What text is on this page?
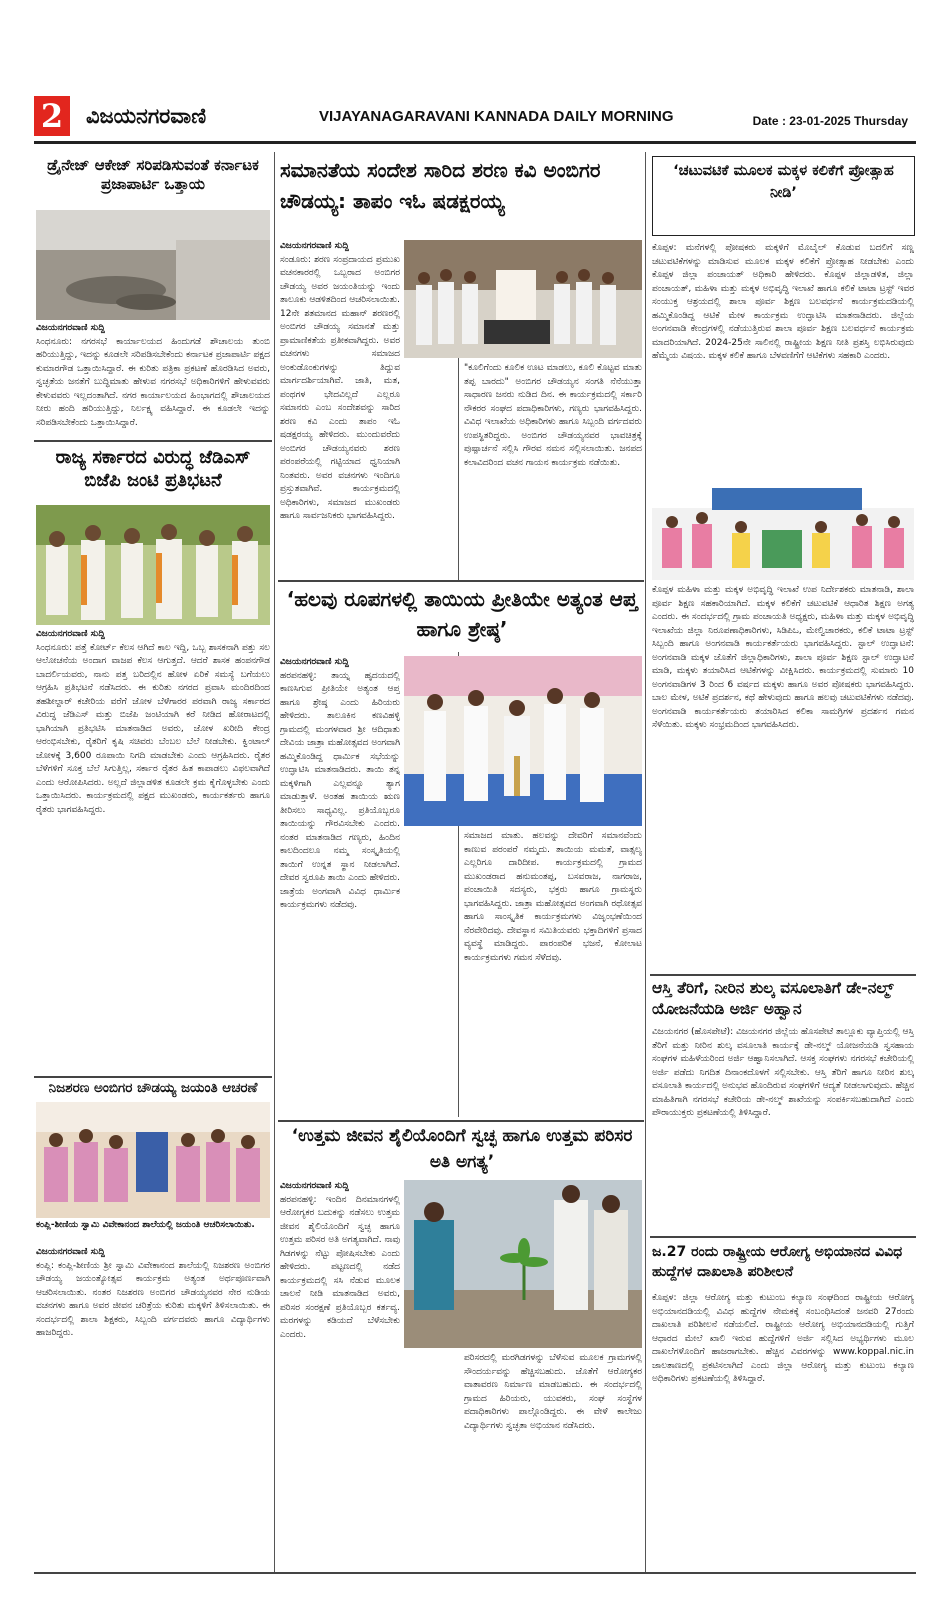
2	ವಿಜಯನಗರವಾಣಿ	VIJAYANAGARAVANI KANNADA DAILY MORNING	Date : 23-01-2025 Thursday
ಡ್ರೈನೇಜ್ ಆಕೇಜ್ ಸರಿಪಡಿಸುವಂತೆ ಕರ್ನಾಟಕ ಪ್ರಜಾಪಾರ್ಟಿ ಒತ್ತಾಯ
ವಿಜಯನಗರವಾಣಿ ಸುದ್ದಿ
ಸಿಂಧನೂರು: ನಗರಸಭೆ ಕಾರ್ಯಾಲಯದ ಹಿಂದುಗಡೆ ಶೌಚಾಲಯ ತುಂಬಿ ಹರಿಯುತ್ತಿದ್ದು, ಇದನ್ನು ಕೂಡಲೇ ಸರಿಪಡಿಸಬೇಕೆಂದು ಕರ್ನಾಟಕ ಪ್ರಜಾಪಾರ್ಟಿ ಪಕ್ಷದ ಕುಮಾರಗೌಡ ಒತ್ತಾಯಿಸಿದ್ದಾರೆ. ಈ ಕುರಿತು ಪತ್ರಿಕಾ ಪ್ರಕಟಣೆ ಹೊರಡಿಸಿದ ಅವರು, ಸ್ವಚ್ಛತೆಯ ಜನತೆಗೆ ಬುದ್ಧಿಮಾತು ಹೇಳುವ ನಗರಸಭೆ ಅಧಿಕಾರಿಗಳಿಗೆ ಹೇಳುವವರು ಕೇಳುವವರು ಇಲ್ಲದಂತಾಗಿದೆ. ನಗರ ಕಾರ್ಯಾಲಯದ ಹಿಂಭಾಗದಲ್ಲಿ ಶೌಚಾಲಯದ ನೀರು ಹಂದಿ ಹರಿಯುತ್ತಿದ್ದು, ನಿರ್ಲಕ್ಷ್ಯ ವಹಿಸಿದ್ದಾರೆ. ಈ ಕೂಡಲೇ ಇದನ್ನು ಸರಿಪಡಿಸಬೇಕೆಂದು ಒತ್ತಾಯಿಸಿದ್ದಾರೆ.
ರಾಜ್ಯ ಸರ್ಕಾರದ ವಿರುದ್ಧ ಜೆಡಿಎಸ್ ಬಿಜೆಪಿ ಜಂಟಿ ಪ್ರತಿಭಟನೆ
ವಿಜಯನಗರವಾಣಿ ಸುದ್ದಿ
ಸಿಂಧನೂರು: ಪತ್ತೆ ಕೋರ್ಟ್ ಕೆಲಸ ಆಗಿದೆ ಕಾಲ ಇದ್ದಿ, ಒಬ್ಬ ಶಾಸಕನಾಗಿ ಪತ್ತು ಸಲ ಆಲೋಚನೆಯ ಅಂದಾಗ ವಾಜಪ ಕೆಲಸ ಆಗುತ್ತದೆ. ಆದರೆ ಶಾಸಕ ಹಂಪನಗೌಡ ಬಾದರ್ಲಿಯವರು, ನಾನು ಪತ್ತ ಬರಿದಲ್ಲಿನ ಹೋಳ ಏರಿಕೆ ಸಮಸ್ಯೆ ಬಗೆಯಲು ಆಗ್ರಹಿಸಿ ಪ್ರತಿಭಟನೆ ನಡೆಸಿದರು. ಈ ಕುರಿತು ನಗರದ ಪ್ರವಾಸಿ ಮಂದಿರದಿಂದ ತಹಶೀಲ್ದಾರ್ ಕಚೇರಿಯ ವರೆಗೆ ಜೋಳ ಬೆಳೆಗಾರರ ಪರವಾಗಿ ರಾಜ್ಯ ಸರ್ಕಾರದ ವಿರುದ್ಧ ಜೆಡಿಎಸ್ ಮತ್ತು ಬಿಜೆಪಿ ಜಂಟಿಯಾಗಿ ಕರೆ ನೀಡಿದ ಹೋರಾಟದಲ್ಲಿ ಭಾಗಿಯಾಗಿ ಪ್ರತಿಭಟಿಸಿ ಮಾತನಾಡಿದ ಅವರು, ಜೋಳ ಖರೀದಿ ಕೇಂದ್ರ ಆರಂಭಿಸಬೇಕು, ರೈತರಿಗೆ ಕೃಷಿ ಸಚಿವರು ಬೆಂಬಲ ಬೆಲೆ ನೀಡಬೇಕು. ಕ್ವಿಂಟಾಲ್ ಜೋಳಕ್ಕೆ 3,600 ರೂಪಾಯಿ ನಿಗದಿ ಮಾಡಬೇಕು ಎಂದು ಆಗ್ರಹಿಸಿದರು. ರೈತರ ಬೆಳೆಗಳಿಗೆ ಸೂಕ್ತ ಬೆಲೆ ಸಿಗುತ್ತಿಲ್ಲ, ಸರ್ಕಾರ ರೈತರ ಹಿತ ಕಾಪಾಡಲು ವಿಫಲವಾಗಿದೆ ಎಂದು ಆರೋಪಿಸಿದರು. ಅಲ್ಲದೆ ಜಿಲ್ಲಾಡಳಿತ ಕೂಡಲೇ ಕ್ರಮ ಕೈಗೊಳ್ಳಬೇಕು ಎಂದು ಒತ್ತಾಯಿಸಿದರು. ಕಾರ್ಯಕ್ರಮದಲ್ಲಿ ಪಕ್ಷದ ಮುಖಂಡರು, ಕಾರ್ಯಕರ್ತರು ಹಾಗೂ ರೈತರು ಭಾಗವಹಿಸಿದ್ದರು.
ನಿಜಶರಣ ಅಂಬಿಗರ ಚೌಡಯ್ಯ ಜಯಂತಿ ಆಚರಣೆ
ಕಂಪ್ಲಿ-ಶೀಣಿಯ ಸ್ವಾಮಿ ವಿವೇಕಾನಂದ ಶಾಲೆಯಲ್ಲಿ ಜಯಂತಿ ಆಚರಿಸಲಾಯಿತು.
ವಿಜಯನಗರವಾಣಿ ಸುದ್ದಿ
ಕಂಪ್ಲಿ: ಕಂಪ್ಲಿ-ಶೀಣಿಯ ಶ್ರೀ ಸ್ವಾಮಿ ವಿವೇಕಾನಂದ ಶಾಲೆಯಲ್ಲಿ ನಿಜಶರಣ ಅಂಬಿಗರ ಚೌಡಯ್ಯ ಜಯಂತ್ಯೋತ್ಸವ ಕಾರ್ಯಕ್ರಮ ಅತ್ಯಂತ ಅರ್ಥಪೂರ್ಣವಾಗಿ ಆಚರಿಸಲಾಯಿತು. ನಂತರ ನಿಜಶರಣ ಅಂಬಿಗರ ಚೌಡಯ್ಯನವರ ನೇರ ನುಡಿಯ ವಚನಗಳು ಹಾಗೂ ಅವರ ಜೀವನ ಚರಿತ್ರೆಯ ಕುರಿತು ಮಕ್ಕಳಿಗೆ ತಿಳಿಸಲಾಯಿತು. ಈ ಸಂದರ್ಭದಲ್ಲಿ ಶಾಲಾ ಶಿಕ್ಷಕರು, ಸಿಬ್ಬಂದಿ ವರ್ಗದವರು ಹಾಗೂ ವಿದ್ಯಾರ್ಥಿಗಳು ಹಾಜರಿದ್ದರು.
ಸಮಾನತೆಯ ಸಂದೇಶ ಸಾರಿದ ಶರಣ ಕವಿ ಅಂಬಿಗರ ಚೌಡಯ್ಯ: ತಾಪಂ ಇಓ ಷಡಕ್ಷರಯ್ಯ
ವಿಜಯನಗರವಾಣಿ ಸುದ್ದಿ
ಸಂಡೂರು: ಶರಣ ಸಂಪ್ರದಾಯದ ಪ್ರಮುಖ ವಚನಕಾರರಲ್ಲಿ ಒಬ್ಬರಾದ ಅಂಬಿಗರ ಚೌಡಯ್ಯ ಅವರ ಜಯಂತಿಯನ್ನು ಇಂದು ತಾಲೂಕು ಆಡಳಿತದಿಂದ ಆಚರಿಸಲಾಯಿತು. 12ನೇ ಶತಮಾನದ ಮಹಾನ್ ಶರಣರಲ್ಲಿ ಅಂಬಿಗರ ಚೌಡಯ್ಯ ಸಮಾನತೆ ಮತ್ತು ಪ್ರಾಮಾಣಿಕತೆಯ ಪ್ರತೀಕವಾಗಿದ್ದರು. ಅವರ ವಚನಗಳು ಸಮಾಜದ ಅಂಕುಡೊಂಕುಗಳನ್ನು ತಿದ್ದುವ ಮಾರ್ಗದರ್ಶಿಯಾಗಿವೆ. ಜಾತಿ, ಮತ, ಪಂಥಗಳ ಭೇದವಿಲ್ಲದೆ ಎಲ್ಲರೂ ಸಮಾನರು ಎಂಬ ಸಂದೇಶವನ್ನು ಸಾರಿದ ಶರಣ ಕವಿ ಎಂದು ತಾಪಂ ಇಓ ಷಡಕ್ಷರಯ್ಯ ಹೇಳಿದರು. ಮುಂದುವರೆದು ಅಂಬಿಗರ ಚೌಡಯ್ಯನವರು ಶರಣ ಪರಂಪರೆಯಲ್ಲಿ ಗಟ್ಟಿಯಾದ ಧ್ವನಿಯಾಗಿ ನಿಂತವರು. ಅವರ ವಚನಗಳು ಇಂದಿಗೂ ಪ್ರಸ್ತುತವಾಗಿವೆ. ಕಾರ್ಯಕ್ರಮದಲ್ಲಿ ಅಧಿಕಾರಿಗಳು, ಸಮಾಜದ ಮುಖಂಡರು ಹಾಗೂ ಸಾರ್ವಜನಿಕರು ಭಾಗವಹಿಸಿದ್ದರು.
"ಕೂಲಿಗೆಂದು ಕೂಲಿಕ ಊಟ ಮಾಡಲು, ಕೂಲಿ ಕೊಟ್ಟವ ಮಾತು ತಪ್ಪ ಬಾರದು" ಅಂಬಿಗರ ಚೌಡಯ್ಯನ ಸಂಗತಿ ನೆನೆಯುತ್ತಾ ಸಾಧಾರಣ ಜನರು ನುಡಿದ ದಿನ. ಈ ಕಾರ್ಯಕ್ರಮದಲ್ಲಿ ಸರ್ಕಾರಿ ನೌಕರರ ಸಂಘದ ಪದಾಧಿಕಾರಿಗಳು, ಗಣ್ಯರು ಭಾಗವಹಿಸಿದ್ದರು. ವಿವಿಧ ಇಲಾಖೆಯ ಅಧಿಕಾರಿಗಳು ಹಾಗೂ ಸಿಬ್ಬಂದಿ ವರ್ಗದವರು ಉಪಸ್ಥಿತರಿದ್ದರು. ಅಂಬಿಗರ ಚೌಡಯ್ಯನವರ ಭಾವಚಿತ್ರಕ್ಕೆ ಪುಷ್ಪಾರ್ಚನೆ ಸಲ್ಲಿಸಿ ಗೌರವ ನಮನ ಸಲ್ಲಿಸಲಾಯಿತು. ಜನಪದ ಕಲಾವಿದರಿಂದ ವಚನ ಗಾಯನ ಕಾರ್ಯಕ್ರಮ ನಡೆಯಿತು.
‘ಹಲವು ರೂಪಗಳಲ್ಲಿ ತಾಯಿಯ ಪ್ರೀತಿಯೇ ಅತ್ಯಂತ ಆಪ್ತ ಹಾಗೂ ಶ್ರೇಷ್ಠ’
ವಿಜಯನಗರವಾಣಿ ಸುದ್ದಿ
ಹರಪನಹಳ್ಳಿ: ತಾಯ್ನ ಹೃದಯದಲ್ಲಿ ಕಾಣಸಿಗುವ ಪ್ರೀತಿಯೇ ಅತ್ಯಂತ ಆಪ್ತ ಹಾಗೂ ಶ್ರೇಷ್ಠ ಎಂದು ಹಿರಿಯರು ಹೇಳಿದರು. ತಾಲೂಕಿನ ಕಣವಿಹಳ್ಳಿ ಗ್ರಾಮದಲ್ಲಿ ಮಂಗಳವಾರ ಶ್ರೀ ಆದಿಧಾತು ದೇವಿಯ ಜಾತ್ರಾ ಮಹೋತ್ಸವದ ಅಂಗವಾಗಿ ಹಮ್ಮಿಕೊಂಡಿದ್ದ ಧಾರ್ಮಿಕ ಸಭೆಯನ್ನು ಉದ್ಘಾಟಿಸಿ ಮಾತನಾಡಿದರು. ತಾಯಿ ತನ್ನ ಮಕ್ಕಳಿಗಾಗಿ ಎಲ್ಲವನ್ನೂ ತ್ಯಾಗ ಮಾಡುತ್ತಾಳೆ. ಅಂತಹ ತಾಯಿಯ ಋಣ ತೀರಿಸಲು ಸಾಧ್ಯವಿಲ್ಲ. ಪ್ರತಿಯೊಬ್ಬರೂ ತಾಯಿಯನ್ನು ಗೌರವಿಸಬೇಕು ಎಂದರು. ನಂತರ ಮಾತನಾಡಿದ ಗಣ್ಯರು, ಹಿಂದಿನ ಕಾಲದಿಂದಲೂ ನಮ್ಮ ಸಂಸ್ಕೃತಿಯಲ್ಲಿ ತಾಯಿಗೆ ಉನ್ನತ ಸ್ಥಾನ ನೀಡಲಾಗಿದೆ. ದೇವರ ಸ್ವರೂಪಿ ತಾಯಿ ಎಂದು ಹೇಳಿದರು. ಜಾತ್ರೆಯ ಅಂಗವಾಗಿ ವಿವಿಧ ಧಾರ್ಮಿಕ ಕಾರ್ಯಕ್ರಮಗಳು ನಡೆದವು.
ಸಮಾಜದ ಮಾತು. ಹಲವನ್ನು ದೇವರಿಗೆ ಸಮಾನವೆಂದು ಕಾಣುವ ಪರಂಪರೆ ನಮ್ಮದು. ತಾಯಿಯ ಮಮತೆ, ವಾತ್ಸಲ್ಯ ಎಲ್ಲರಿಗೂ ದಾರಿದೀಪ. ಕಾರ್ಯಕ್ರಮದಲ್ಲಿ ಗ್ರಾಮದ ಮುಖಂಡರಾದ ಹನುಮಂತಪ್ಪ, ಬಸವರಾಜ, ನಾಗರಾಜ, ಪಂಚಾಯಿತಿ ಸದಸ್ಯರು, ಭಕ್ತರು ಹಾಗೂ ಗ್ರಾಮಸ್ಥರು ಭಾಗವಹಿಸಿದ್ದರು. ಜಾತ್ರಾ ಮಹೋತ್ಸವದ ಅಂಗವಾಗಿ ರಥೋತ್ಸವ ಹಾಗೂ ಸಾಂಸ್ಕೃತಿಕ ಕಾರ್ಯಕ್ರಮಗಳು ವಿಜೃಂಭಣೆಯಿಂದ ನೆರವೇರಿದವು. ದೇವಸ್ಥಾನ ಸಮಿತಿಯವರು ಭಕ್ತಾದಿಗಳಿಗೆ ಪ್ರಸಾದ ವ್ಯವಸ್ಥೆ ಮಾಡಿದ್ದರು. ಪಾರಂಪರಿಕ ಭಜನೆ, ಕೋಲಾಟ ಕಾರ್ಯಕ್ರಮಗಳು ಗಮನ ಸೆಳೆದವು.
‘ಉತ್ತಮ ಜೀವನ ಶೈಲಿಯೊಂದಿಗೆ ಸ್ವಚ್ಛ ಹಾಗೂ ಉತ್ತಮ ಪರಿಸರ ಅತಿ ಅಗತ್ಯ’
ವಿಜಯನಗರವಾಣಿ ಸುದ್ದಿ
ಹರಪನಹಳ್ಳಿ: ಇಂದಿನ ದಿನಮಾನಗಳಲ್ಲಿ ಆರೋಗ್ಯಕರ ಬದುಕನ್ನು ನಡೆಸಲು ಉತ್ತಮ ಜೀವನ ಶೈಲಿಯೊಂದಿಗೆ ಸ್ವಚ್ಛ ಹಾಗೂ ಉತ್ತಮ ಪರಿಸರ ಅತಿ ಅಗತ್ಯವಾಗಿದೆ. ನಾವು ಗಿಡಗಳನ್ನು ನೆಟ್ಟು ಪೋಷಿಸಬೇಕು ಎಂದು ಹೇಳಿದರು. ಪಟ್ಟಣದಲ್ಲಿ ನಡೆದ ಕಾರ್ಯಕ್ರಮದಲ್ಲಿ ಸಸಿ ನೆಡುವ ಮೂಲಕ ಚಾಲನೆ ನೀಡಿ ಮಾತನಾಡಿದ ಅವರು, ಪರಿಸರ ಸಂರಕ್ಷಣೆ ಪ್ರತಿಯೊಬ್ಬರ ಕರ್ತವ್ಯ. ಮರಗಳನ್ನು ಕಡಿಯದೆ ಬೆಳೆಸಬೇಕು ಎಂದರು.
ಪರಿಸರದಲ್ಲಿ ಮರಗಿಡಗಳನ್ನು ಬೆಳೆಸುವ ಮೂಲಕ ಗ್ರಾಮಗಳಲ್ಲಿ ಸೌಂದರ್ಯವನ್ನು ಹೆಚ್ಚಿಸಬಹುದು. ಜೊತೆಗೆ ಆರೋಗ್ಯಕರ ವಾತಾವರಣ ನಿರ್ಮಾಣ ಮಾಡಬಹುದು. ಈ ಸಂದರ್ಭದಲ್ಲಿ ಗ್ರಾಮದ ಹಿರಿಯರು, ಯುವಕರು, ಸಂಘ ಸಂಸ್ಥೆಗಳ ಪದಾಧಿಕಾರಿಗಳು ಪಾಲ್ಗೊಂಡಿದ್ದರು. ಈ ವೇಳೆ ಕಾಲೇಜು ವಿದ್ಯಾರ್ಥಿಗಳು ಸ್ವಚ್ಛತಾ ಅಭಿಯಾನ ನಡೆಸಿದರು.
‘ಚಟುವಟಿಕೆ ಮೂಲಕ ಮಕ್ಕಳ ಕಲಿಕೆಗೆ ಪ್ರೋತ್ಸಾಹ ನೀಡಿ’
ಕೊಪ್ಪಳ: ಮನೆಗಳಲ್ಲಿ ಪೋಷಕರು ಮಕ್ಕಳಿಗೆ ಮೊಬೈಲ್ ಕೊಡುವ ಬದಲಿಗೆ ಸಣ್ಣ ಚಟುವಟಿಕೆಗಳನ್ನು ಮಾಡಿಸುವ ಮೂಲಕ ಮಕ್ಕಳ ಕಲಿಕೆಗೆ ಪ್ರೋತ್ಸಾಹ ನೀಡಬೇಕು ಎಂದು ಕೊಪ್ಪಳ ಜಿಲ್ಲಾ ಪಂಚಾಯತ್ ಅಧಿಕಾರಿ ಹೇಳಿದರು. ಕೊಪ್ಪಳ ಜಿಲ್ಲಾಡಳಿತ, ಜಿಲ್ಲಾ ಪಂಚಾಯತ್, ಮಹಿಳಾ ಮತ್ತು ಮಕ್ಕಳ ಅಭಿವೃದ್ಧಿ ಇಲಾಖೆ ಹಾಗೂ ಕಲಿಕೆ ಟಾಟಾ ಟ್ರಸ್ಟ್ ಇವರ ಸಂಯುಕ್ತ ಆಶ್ರಯದಲ್ಲಿ ಶಾಲಾ ಪೂರ್ವ ಶಿಕ್ಷಣ ಬಲವರ್ಧನೆ ಕಾರ್ಯಕ್ರಮದಡಿಯಲ್ಲಿ ಹಮ್ಮಿಕೊಂಡಿದ್ದ ಆಟಿಕೆ ಮೇಳ ಕಾರ್ಯಕ್ರಮ ಉದ್ಘಾಟಿಸಿ ಮಾತನಾಡಿದರು. ಜಿಲ್ಲೆಯ ಅಂಗನವಾಡಿ ಕೇಂದ್ರಗಳಲ್ಲಿ ನಡೆಯುತ್ತಿರುವ ಶಾಲಾ ಪೂರ್ವ ಶಿಕ್ಷಣ ಬಲವರ್ಧನೆ ಕಾರ್ಯಕ್ರಮ ಮಾದರಿಯಾಗಿದೆ. 2024-25ನೇ ಸಾಲಿನಲ್ಲಿ ರಾಷ್ಟ್ರೀಯ ಶಿಕ್ಷಣ ನೀತಿ ಪ್ರಶಸ್ತಿ ಲಭಿಸಿರುವುದು ಹೆಮ್ಮೆಯ ವಿಷಯ. ಮಕ್ಕಳ ಕಲಿಕೆ ಹಾಗೂ ಬೆಳವಣಿಗೆಗೆ ಆಟಿಕೆಗಳು ಸಹಕಾರಿ ಎಂದರು.
ಕೊಪ್ಪಳ ಮಹಿಳಾ ಮತ್ತು ಮಕ್ಕಳ ಅಭಿವೃದ್ಧಿ ಇಲಾಖೆ ಉಪ ನಿರ್ದೇಶಕರು ಮಾತನಾಡಿ, ಶಾಲಾ ಪೂರ್ವ ಶಿಕ್ಷಣ ಸಹಕಾರಿಯಾಗಿದೆ. ಮಕ್ಕಳ ಕಲಿಕೆಗೆ ಚಟುವಟಿಕೆ ಆಧಾರಿತ ಶಿಕ್ಷಣ ಅಗತ್ಯ ಎಂದರು. ಈ ಸಂದರ್ಭದಲ್ಲಿ ಗ್ರಾಮ ಪಂಚಾಯತಿ ಅಧ್ಯಕ್ಷರು, ಮಹಿಳಾ ಮತ್ತು ಮಕ್ಕಳ ಅಭಿವೃದ್ಧಿ ಇಲಾಖೆಯ ಜಿಲ್ಲಾ ನಿರೂಪಣಾಧಿಕಾರಿಗಳು, ಸಿಡಿಪಿಒ, ಮೇಲ್ವಿಚಾರಕರು, ಕಲಿಕೆ ಟಾಟಾ ಟ್ರಸ್ಟ್ ಸಿಬ್ಬಂದಿ ಹಾಗೂ ಅಂಗನವಾಡಿ ಕಾರ್ಯಕರ್ತೆಯರು ಭಾಗವಹಿಸಿದ್ದರು. ಸ್ಟಾಲ್ ಉದ್ಘಾಟನೆ: ಅಂಗನವಾಡಿ ಮಕ್ಕಳ ಜೊತೆಗೆ ಜಿಲ್ಲಾಧಿಕಾರಿಗಳು, ಶಾಲಾ ಪೂರ್ವ ಶಿಕ್ಷಣ ಸ್ಟಾಲ್ ಉದ್ಘಾಟನೆ ಮಾಡಿ, ಮಕ್ಕಳು ತಯಾರಿಸಿದ ಆಟಿಕೆಗಳನ್ನು ವೀಕ್ಷಿಸಿದರು. ಕಾರ್ಯಕ್ರಮದಲ್ಲಿ ಸುಮಾರು 10 ಅಂಗನವಾಡಿಗಳ 3 ರಿಂದ 6 ವರ್ಷದ ಮಕ್ಕಳು ಹಾಗೂ ಅವರ ಪೋಷಕರು ಭಾಗವಹಿಸಿದ್ದರು. ಬಾಲ ಮೇಳ, ಅಟಿಕೆ ಪ್ರದರ್ಶನ, ಕಥೆ ಹೇಳುವುದು ಹಾಗೂ ಹಲವು ಚಟುವಟಿಕೆಗಳು ನಡೆದವು. ಅಂಗನವಾಡಿ ಕಾರ್ಯಕರ್ತೆಯರು ತಯಾರಿಸಿದ ಕಲಿಕಾ ಸಾಮಗ್ರಿಗಳ ಪ್ರದರ್ಶನ ಗಮನ ಸೆಳೆಯಿತು. ಮಕ್ಕಳು ಸಂಭ್ರಮದಿಂದ ಭಾಗವಹಿಸಿದರು.
ಆಸ್ತಿ ತೆರಿಗೆ, ನೀರಿನ ಶುಲ್ಕ ವಸೂಲಾತಿಗೆ ಡೇ-ನಲ್ಮ್ ಯೋಜನೆಯಡಿ ಅರ್ಜಿ ಅಹ್ವಾನ
ವಿಜಯನಗರ (ಹೊಸಪೇಟೆ): ವಿಜಯನಗರ ಜಿಲ್ಲೆಯ ಹೊಸಪೇಟೆ ತಾಲ್ಲೂಕು ವ್ಯಾಪ್ತಿಯಲ್ಲಿ ಆಸ್ತಿ ತೆರಿಗೆ ಮತ್ತು ನೀರಿನ ಶುಲ್ಕ ವಸೂಲಾತಿ ಕಾರ್ಯಕ್ಕೆ ಡೇ-ನಲ್ಮ್ ಯೋಜನೆಯಡಿ ಸ್ವಸಹಾಯ ಸಂಘಗಳ ಮಹಿಳೆಯರಿಂದ ಅರ್ಜಿ ಆಹ್ವಾನಿಸಲಾಗಿದೆ. ಆಸಕ್ತ ಸಂಘಗಳು ನಗರಸಭೆ ಕಚೇರಿಯಲ್ಲಿ ಅರ್ಜಿ ಪಡೆದು ನಿಗದಿತ ದಿನಾಂಕದೊಳಗೆ ಸಲ್ಲಿಸಬೇಕು. ಆಸ್ತಿ ತೆರಿಗೆ ಹಾಗೂ ನೀರಿನ ಶುಲ್ಕ ವಸೂಲಾತಿ ಕಾರ್ಯದಲ್ಲಿ ಅನುಭವ ಹೊಂದಿರುವ ಸಂಘಗಳಿಗೆ ಆದ್ಯತೆ ನೀಡಲಾಗುವುದು. ಹೆಚ್ಚಿನ ಮಾಹಿತಿಗಾಗಿ ನಗರಸಭೆ ಕಚೇರಿಯ ಡೇ-ನಲ್ಮ್ ಶಾಖೆಯನ್ನು ಸಂಪರ್ಕಿಸಬಹುದಾಗಿದೆ ಎಂದು ಪೌರಾಯುಕ್ತರು ಪ್ರಕಟಣೆಯಲ್ಲಿ ತಿಳಿಸಿದ್ದಾರೆ.
ಜ.27 ರಂದು ರಾಷ್ಟ್ರೀಯ ಆರೋಗ್ಯ ಅಭಿಯಾನದ ವಿವಿಧ ಹುದ್ದೆಗಳ ದಾಖಲಾತಿ ಪರಿಶೀಲನೆ
ಕೊಪ್ಪಳ: ಜಿಲ್ಲಾ ಆರೋಗ್ಯ ಮತ್ತು ಕುಟುಂಬ ಕಲ್ಯಾಣ ಸಂಘದಿಂದ ರಾಷ್ಟ್ರೀಯ ಆರೋಗ್ಯ ಅಭಿಯಾನದಡಿಯಲ್ಲಿ ವಿವಿಧ ಹುದ್ದೆಗಳ ನೇಮಕಕ್ಕೆ ಸಂಬಂಧಿಸಿದಂತೆ ಜನವರಿ 27ರಂದು ದಾಖಲಾತಿ ಪರಿಶೀಲನೆ ನಡೆಯಲಿದೆ. ರಾಷ್ಟ್ರೀಯ ಆರೋಗ್ಯ ಅಭಿಯಾನದಡಿಯಲ್ಲಿ ಗುತ್ತಿಗೆ ಆಧಾರದ ಮೇಲೆ ಖಾಲಿ ಇರುವ ಹುದ್ದೆಗಳಿಗೆ ಅರ್ಜಿ ಸಲ್ಲಿಸಿದ ಅಭ್ಯರ್ಥಿಗಳು ಮೂಲ ದಾಖಲೆಗಳೊಂದಿಗೆ ಹಾಜರಾಗಬೇಕು. ಹೆಚ್ಚಿನ ವಿವರಗಳನ್ನು www.koppal.nic.in ಜಾಲತಾಣದಲ್ಲಿ ಪ್ರಕಟಿಸಲಾಗಿದೆ ಎಂದು ಜಿಲ್ಲಾ ಆರೋಗ್ಯ ಮತ್ತು ಕುಟುಂಬ ಕಲ್ಯಾಣ ಅಧಿಕಾರಿಗಳು ಪ್ರಕಟಣೆಯಲ್ಲಿ ತಿಳಿಸಿದ್ದಾರೆ.
